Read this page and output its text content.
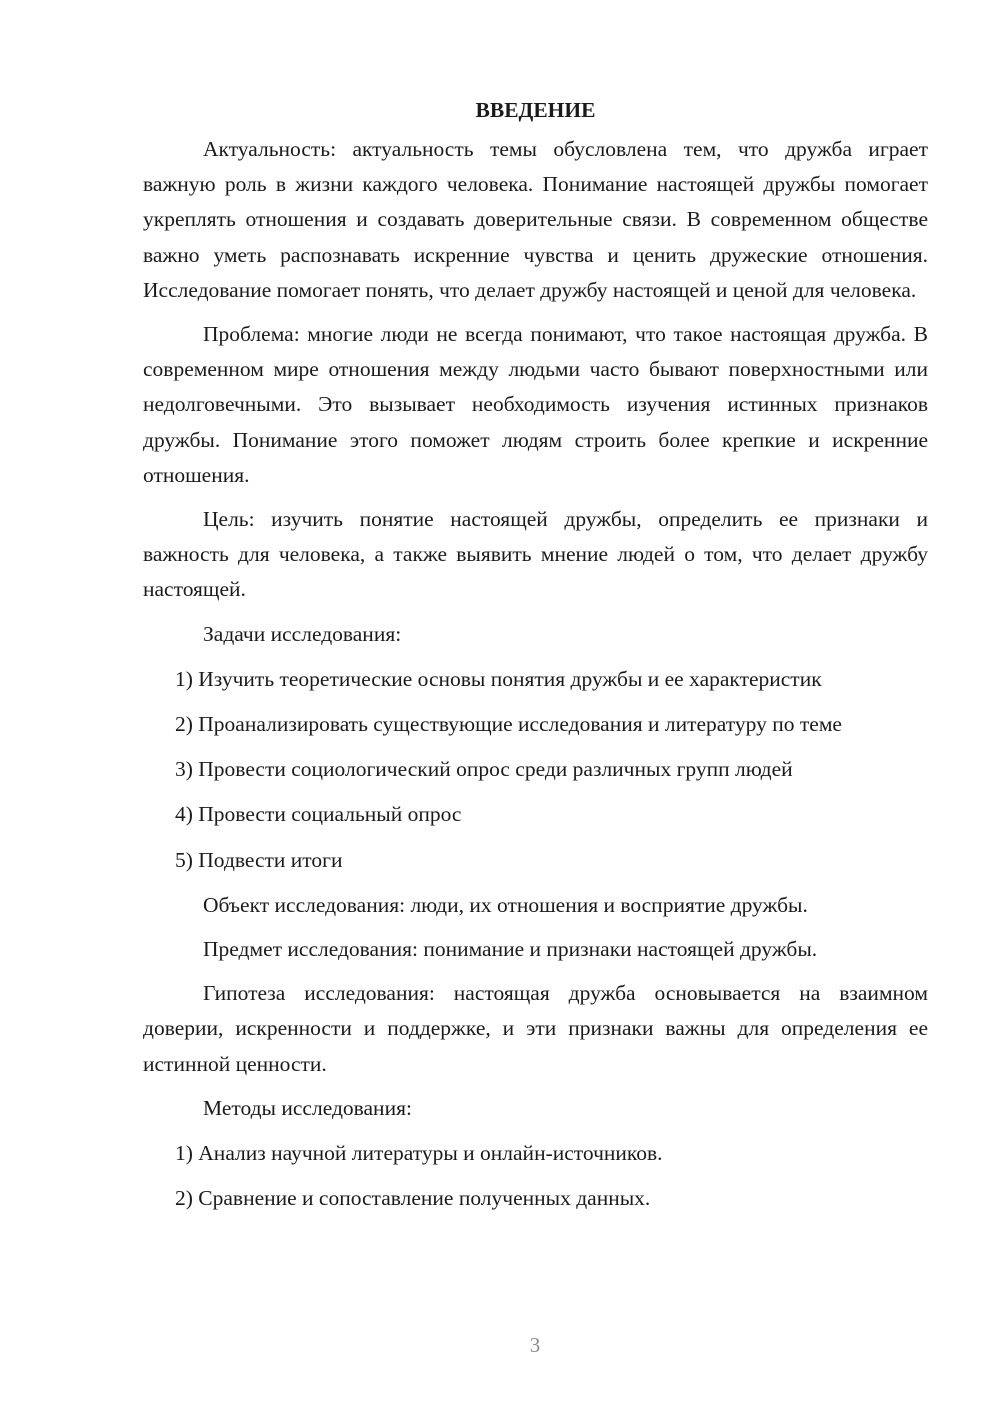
ВВЕДЕНИЕ

Актуальность: актуальность темы обусловлена тем, что дружба играет важную роль в жизни каждого человека. Понимание настоящей дружбы помогает укреплять отношения и создавать доверительные связи. В современном обществе важно уметь распознавать искренние чувства и ценить дружеские отношения. Исследование помогает понять, что делает дружбу настоящей и ценой для человека.

Проблема: многие люди не всегда понимают, что такое настоящая дружба. В современном мире отношения между людьми часто бывают поверхностными или недолговечными. Это вызывает необходимость изучения истинных признаков дружбы. Понимание этого поможет людям строить более крепкие и искренние отношения.

Цель: изучить понятие настоящей дружбы, определить ее признаки и важность для человека, а также выявить мнение людей о том, что делает дружбу настоящей.

Задачи исследования:

1) Изучить теоретические основы понятия дружбы и ее характеристик

2) Проанализировать существующие исследования и литературу по теме

3) Провести социологический опрос среди различных групп людей

4) Провести социальный опрос

5) Подвести итоги

Объект исследования: люди, их отношения и восприятие дружбы.

Предмет исследования: понимание и признаки настоящей дружбы.

Гипотеза исследования: настоящая дружба основывается на взаимном доверии, искренности и поддержке, и эти признаки важны для определения ее истинной ценности.

Методы исследования:

1) Анализ научной литературы и онлайн-источников.

2) Сравнение и сопоставление полученных данных.

3
